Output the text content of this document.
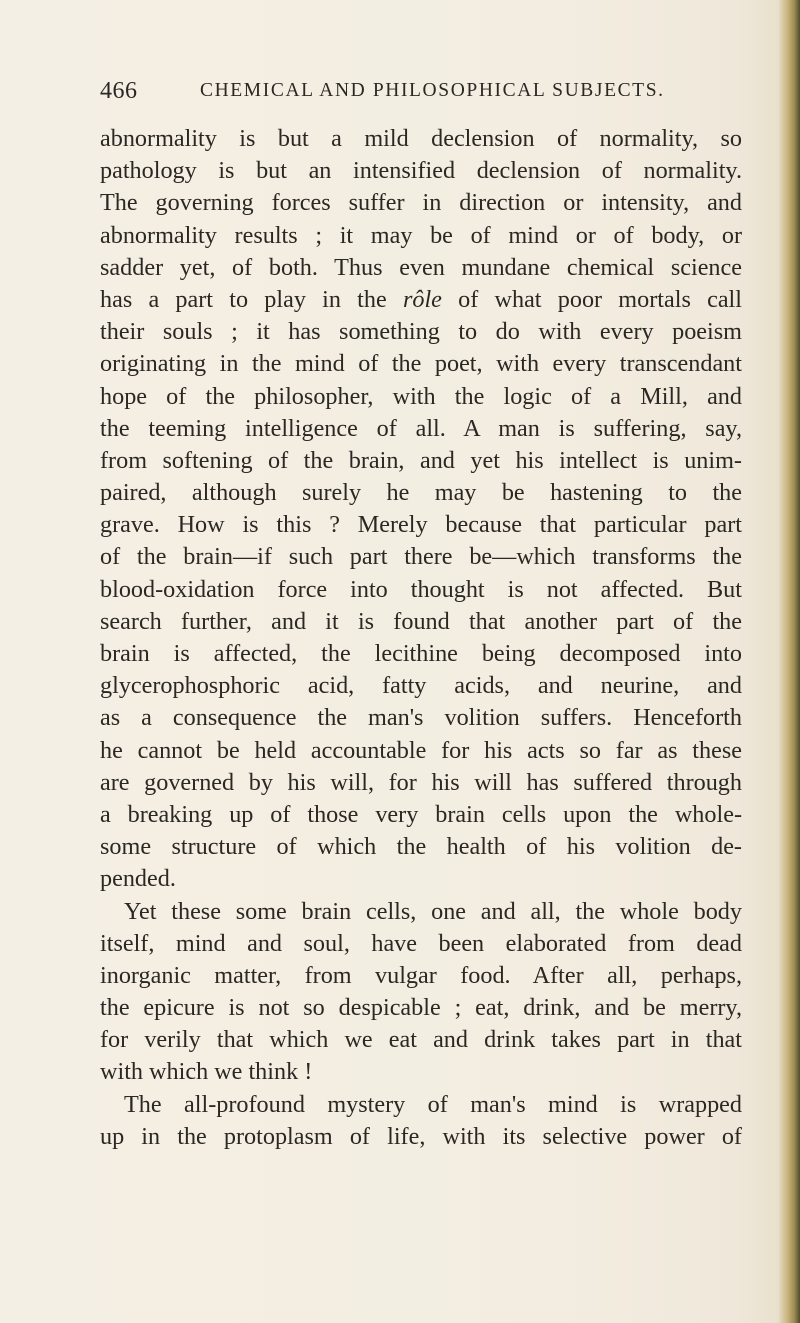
466	CHEMICAL AND PHILOSOPHICAL SUBJECTS.
abnormality is but a mild declension of normality, so
pathology is but an intensified declension of normality.
The governing forces suffer in direction or intensity, and
abnormality results ; it may be of mind or of body, or
sadder yet, of both. Thus even mundane chemical science
has a part to play in the rôle of what poor mortals call
their souls ; it has something to do with every poeism
originating in the mind of the poet, with every transcendant
hope of the philosopher, with the logic of a Mill, and
the teeming intelligence of all. A man is suffering, say,
from softening of the brain, and yet his intellect is unim-
paired, although surely he may be hastening to the
grave. How is this ? Merely because that particular part
of the brain—if such part there be—which transforms the
blood-oxidation force into thought is not affected. But
search further, and it is found that another part of the
brain is affected, the lecithine being decomposed into
glycerophosphoric acid, fatty acids, and neurine, and
as a consequence the man's volition suffers. Henceforth
he cannot be held accountable for his acts so far as these
are governed by his will, for his will has suffered through
a breaking up of those very brain cells upon the whole-
some structure of which the health of his volition de-
pended.
Yet these some brain cells, one and all, the whole body
itself, mind and soul, have been elaborated from dead
inorganic matter, from vulgar food. After all, perhaps,
the epicure is not so despicable ; eat, drink, and be merry,
for verily that which we eat and drink takes part in that
with which we think !
The all-profound mystery of man's mind is wrapped
up in the protoplasm of life, with its selective power of
